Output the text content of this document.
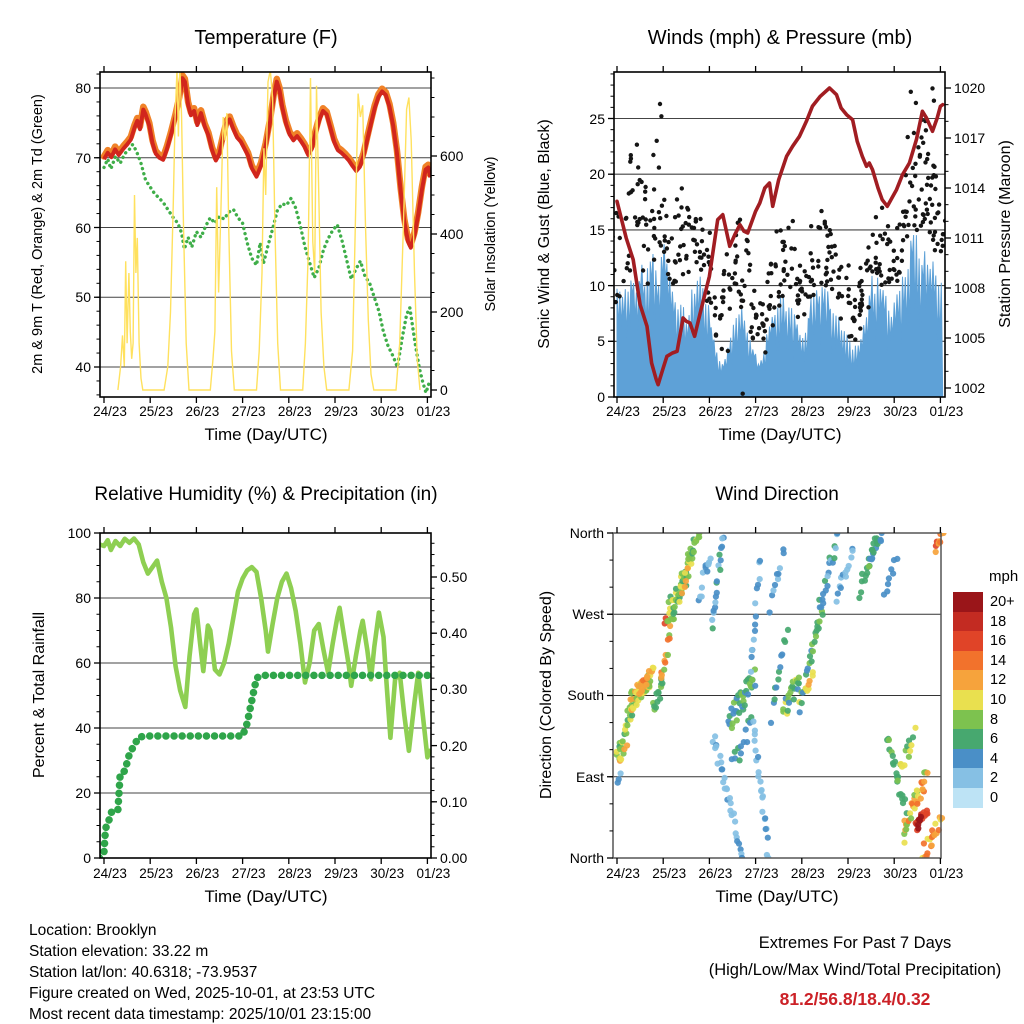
Temperature (F)	Winds (mph) & Pressure (mb)
Relative Humidity (%) & Precipitation (in)	Wind Direction
Time (Day/UTC)	Time (Day/UTC)
Time (Day/UTC)	Time (Day/UTC)
2m & 9m T (Red, Orange) & 2m Td (Green)	Solar Insolation (Yellow) Sonic Wind & Gust (Blue, Black)	Station Pressure (Maroon)
Percent & Total Rainfall	Direction (Colored By Speed)
mph
Location: Brooklyn
Station elevation: 33.22 m
Station lat/lon: 40.6318; -73.9537
Figure created on Wed, 2025-10-01, at 23:53 UTC
Most recent data timestamp: 2025/10/01 23:15:00
Extremes For Past 7 Days
(High/Low/Max Wind/Total Precipitation)
81.2/56.8/18.4/0.32
24/23 25/23 26/23 27/23 28/23 29/23 30/23 01/23
40
50
60
70
80
0
200
400
600
24/23 25/23 26/23 27/23 28/23 29/23 30/23 01/23
0
5
10
15
20
25
1002
1005
1008
1011
1014
1017
1020
24/23 25/23 26/23 27/23 28/23 29/23 30/23 01/23
0
20
40
60
80
100
0.00
0.10
0.20
0.30
0.40
0.50
24/23 25/23 26/23 27/23 28/23 29/23 30/23 01/23
North
West
South
East
North
20+
18
16
14
12
10
8
6
4
2
0
